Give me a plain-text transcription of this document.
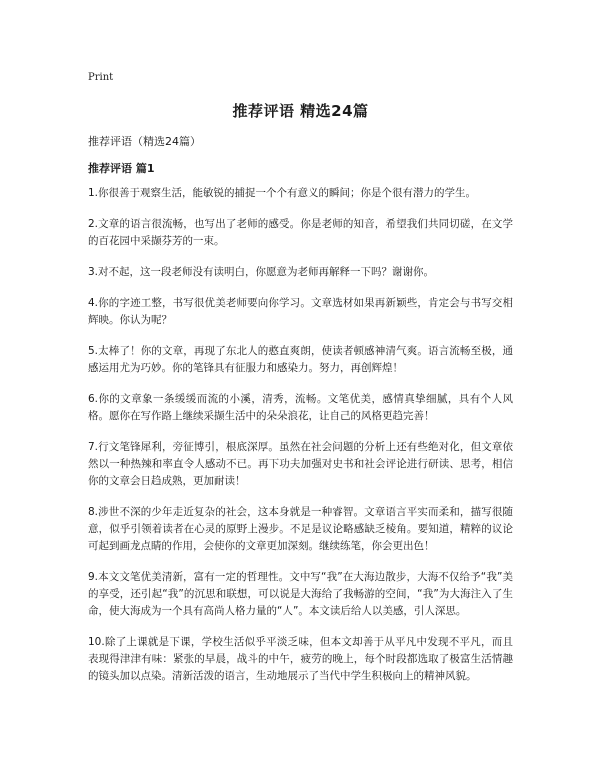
Print
推荐评语 精选24篇
推荐评语（精选24篇）
推荐评语 篇1

1.你很善于观察生活，能敏锐的捕捉一个个有意义的瞬间；你是个很有潜力的学生。

2.文章的语言很流畅，也写出了老师的感受。你是老师的知音，希望我们共同切磋，在文学的百花园中采撷芬芳的一束。

3.对不起，这一段老师没有读明白，你愿意为老师再解释一下吗？谢谢你。

4.你的字迹工整，书写很优美老师要向你学习。文章选材如果再新颖些，肯定会与书写交相辉映。你认为呢？

5.太棒了！你的文章，再现了东北人的憨直爽朗，使读者顿感神清气爽。语言流畅至极，通感运用尤为巧妙。你的笔锋具有征服力和感染力。努力，再创辉煌！

6.你的文章象一条缓缓而流的小溪，清秀，流畅。文笔优美，感情真挚细腻，具有个人风格。愿你在写作路上继续采撷生活中的朵朵浪花，让自己的风格更趋完善！

7.行文笔锋犀利，旁征博引，根底深厚。虽然在社会问题的分析上还有些绝对化，但文章依然以一种热辣和率直令人感动不已。再下功夫加强对史书和社会评论进行研读、思考，相信你的文章会日趋成熟，更加耐读！

8.涉世不深的少年走近复杂的社会，这本身就是一种睿智。文章语言平实而柔和，描写很随意，似乎引领着读者在心灵的原野上漫步。不足是议论略感缺乏棱角。要知道，精粹的议论可起到画龙点睛的作用，会使你的文章更加深刻。继续练笔，你会更出色！

9.本文文笔优美清新，富有一定的哲理性。文中写“我”在大海边散步，大海不仅给予“我”美的享受，还引起“我”的沉思和联想，可以说是大海给了我畅游的空间，“我”为大海注入了生命，使大海成为一个具有高尚人格力量的“人”。本文读后给人以美感，引人深思。

10.除了上课就是下课，学校生活似乎平淡乏味，但本文却善于从平凡中发现不平凡，而且表现得津津有味：紧张的早晨，战斗的中午，疲劳的晚上，每个时段都选取了极富生活情趣的镜头加以点染。清新活泼的语言，生动地展示了当代中学生积极向上的精神风貌。
